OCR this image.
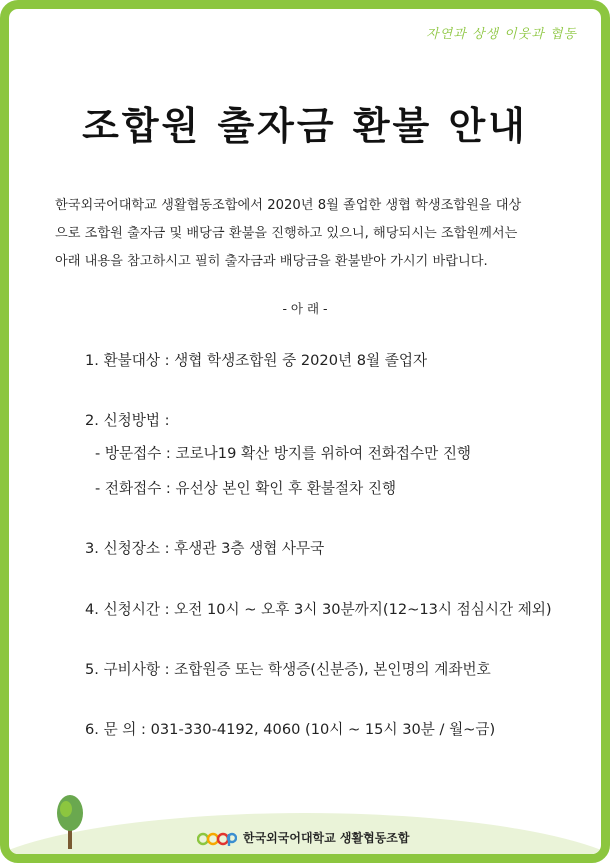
자연과 상생 이웃과 협동
조합원 출자금 환불 안내

한국외국어대학교 생활협동조합에서 2020년 8월 졸업한 생협 학생조합원을 대상

으로 조합원 출자금 및 배당금 환불을 진행하고 있으니, 해당되시는 조합원께서는

아래 내용을 참고하시고 필히 출자금과 배당금을 환불받아 가시기 바랍니다.

- 아 래 -
1. 환불대상 : 생협 학생조합원 중 2020년 8월 졸업자
2. 신청방법 :
- 방문접수 : 코로나19 확산 방지를 위하여 전화접수만 진행
- 전화접수 : 유선상 본인 확인 후 환불절차 진행
3. 신청장소 : 후생관 3층 생협 사무국
4. 신청시간 : 오전 10시 ~ 오후 3시 30분까지(12~13시 점심시간 제외)
5. 구비사항 : 조합원증 또는 학생증(신분증), 본인명의 계좌번호
6. 문 의 : 031-330-4192, 4060 (10시 ~ 15시 30분 / 월~금)
한국외국어대학교 생활협동조합
